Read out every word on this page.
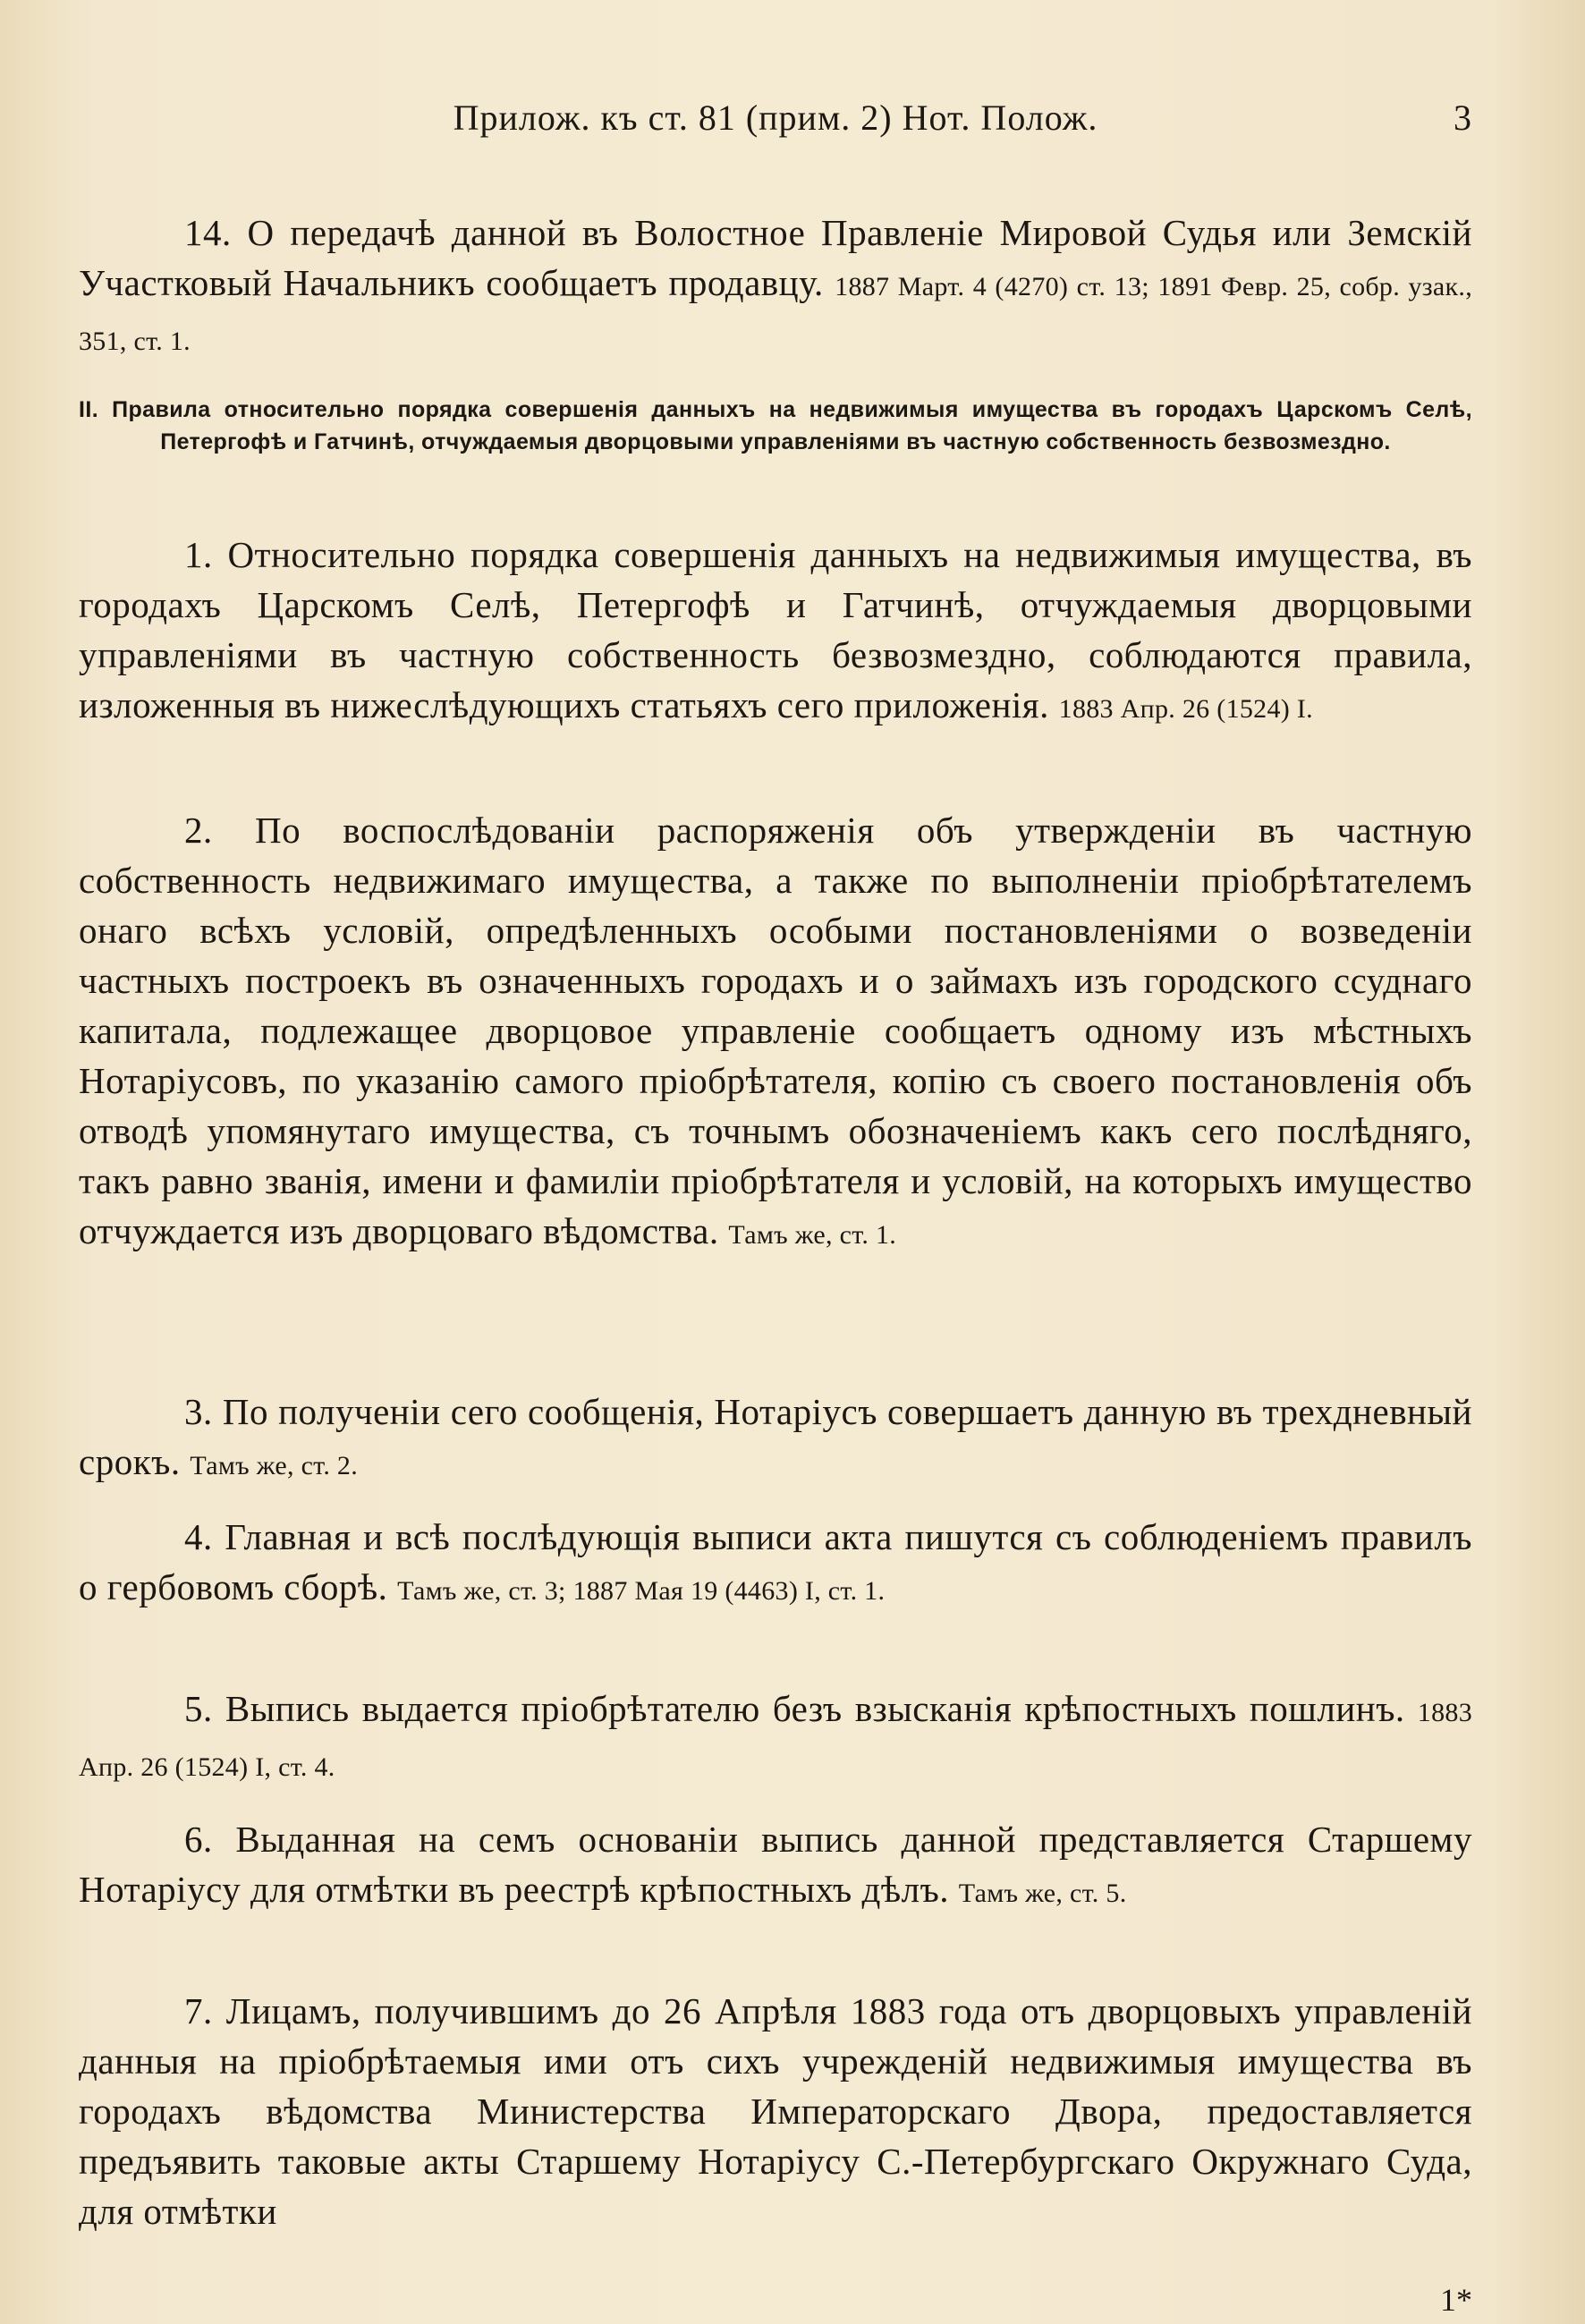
Прилож. къ ст. 81 (прим. 2) Нот. Полож.	3

14. О передачѣ данной въ Волостное Правленіе Мировой Судья или Земскій Участковый Начальникъ сообщаетъ продавцу. 1887 Март. 4 (4270) ст. 13; 1891 Февр. 25, собр. узак., 351, ст. 1.

II. Правила относительно порядка совершенія данныхъ на недвижимыя имущества въ городахъ Царскомъ Селѣ, Петергофѣ и Гатчинѣ, отчуждаемыя дворцовыми управленіями въ частную собственность безвозмездно.

1. Относительно порядка совершенія данныхъ на недвижимыя имущества, въ городахъ Царскомъ Селѣ, Петергофѣ и Гатчинѣ, отчуждаемыя дворцовыми управленіями въ частную собственность безвозмездно, соблюдаются правила, изложенныя въ нижеслѣдующихъ статьяхъ сего приложенія. 1883 Апр. 26 (1524) I.

2. По воспослѣдованіи распоряженія объ утвержденіи въ частную собственность недвижимаго имущества, а также по выполненіи пріобрѣтателемъ онаго всѣхъ условій, опредѣленныхъ особыми постановленіями о возведеніи частныхъ построекъ въ означенныхъ городахъ и о займахъ изъ городского ссуднаго капитала, подлежащее дворцовое управленіе сообщаетъ одному изъ мѣстныхъ Нотаріусовъ, по указанію самого пріобрѣтателя, копію съ своего постановленія объ отводѣ упомянутаго имущества, съ точнымъ обозначеніемъ какъ сего послѣдняго, такъ равно званія, имени и фамиліи пріобрѣтателя и условій, на которыхъ имущество отчуждается изъ дворцоваго вѣдомства. Тамъ же, ст. 1.

3. По полученіи сего сообщенія, Нотаріусъ совершаетъ данную въ трехдневный срокъ. Тамъ же, ст. 2.

4. Главная и всѣ послѣдующія выписи акта пишутся съ соблюденіемъ правилъ о гербовомъ сборѣ. Тамъ же, ст. 3; 1887 Мая 19 (4463) I, ст. 1.

5. Выпись выдается пріобрѣтателю безъ взысканія крѣпостныхъ пошлинъ. 1883 Апр. 26 (1524) I, ст. 4.

6. Выданная на семъ основаніи выпись данной представляется Старшему Нотаріусу для отмѣтки въ реестрѣ крѣпостныхъ дѣлъ. Тамъ же, ст. 5.

7. Лицамъ, получившимъ до 26 Апрѣля 1883 года отъ дворцовыхъ управленій данныя на пріобрѣтаемыя ими отъ сихъ учрежденій недвижимыя имущества въ городахъ вѣдомства Министерства Императорскаго Двора, предоставляется предъявить таковые акты Старшему Нотаріусу С.-Петербургскаго Окружнаго Суда, для отмѣтки

1*
